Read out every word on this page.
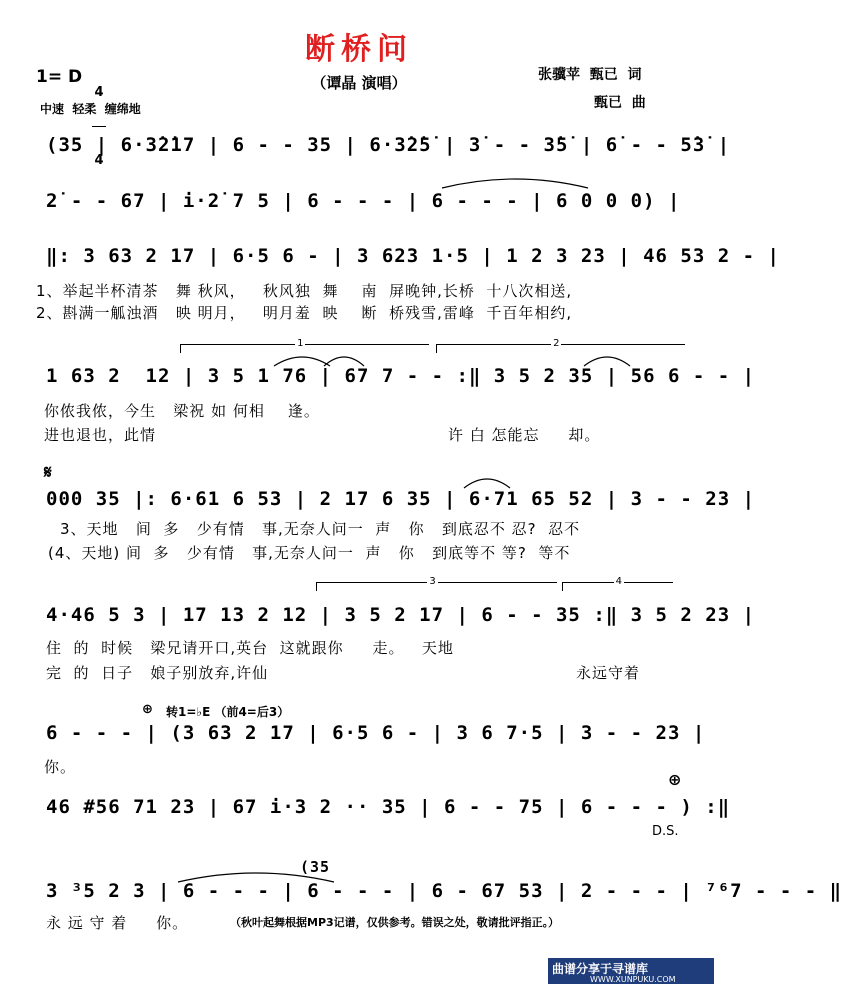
断桥问
（谭晶 演唱）
1= D

4

4

中速  轻柔  缠绵地
张骥苹  甄已  词
甄已  曲
(35 | 6·3̇2̇17 | 6 - - 35 | 6·3̇2̇5̇ | 3̇ - - 3̇5̇ | 6̇ - - 5̇3̇ |
2̇ - - 67 | i·2̇ 7 5 | 6 - - - | 6 - - - | 6 0 0 0) |
‖: 3 63 2 17 | 6·5 6 - | 3 623 1·5 | 1 2 3 23 | 46 53 2 - |
1、举起半杯清茶   舞 秋风，   秋风独  舞    南  屏晚钟,长桥  十八次相送,
2、斟满一觚浊酒   映 明月，   明月羞  映    断  桥残雪,雷峰  千百年相约,
1	2
1 63 2  12 | 3 5 1 76 | 67 7 - - :‖ 3 5 2 35 | 56 6 - - |
你侬我侬，今生   梁祝 如 何相    逢。
进也退也，此情	许 白 怎能忘     却。
𝄋
000 35 |: 6·61 6 53 | 2 17 6 35 | 6·71 65 52 | 3 - - 23 |
3、天地   间  多   少有情   事,无奈人问一  声   你   到底忍不 忍?  忍不
(4、天地) 间  多   少有情   事,无奈人问一  声   你   到底等不 等?  等不
3	4
4·46 5 3 | 17 13 2 12 | 3 5 2 17 | 6 - - 35 :‖ 3 5 2 23 |
住  的  时候   梁兄请开口,英台  这就跟你     走。   天地
完  的  日子   娘子别放弃,许仙	永远守着
⊕ 转1=♭E （前4=后3）
6 - - - | (3 63 2 17 | 6·5 6 - | 3 6 7·5 | 3 - - 23 |
你。
⊕
46 #56 71 23 | 67 i·3 2 ·· 35 | 6 - - 75 | 6 - - - ) :‖
D.S.
(35
3 ³5 2 3 | 6 - - - | 6 - - - | 6 - 67 53 | 2 - - - | ⁷⁶7 - - - ‖
永 远 守 着     你。	（秋叶起舞根据MP3记谱，仅供参考。错误之处，敬请批评指正。）
曲谱分享于寻谱库
WWW.XUNPUKU.COM
